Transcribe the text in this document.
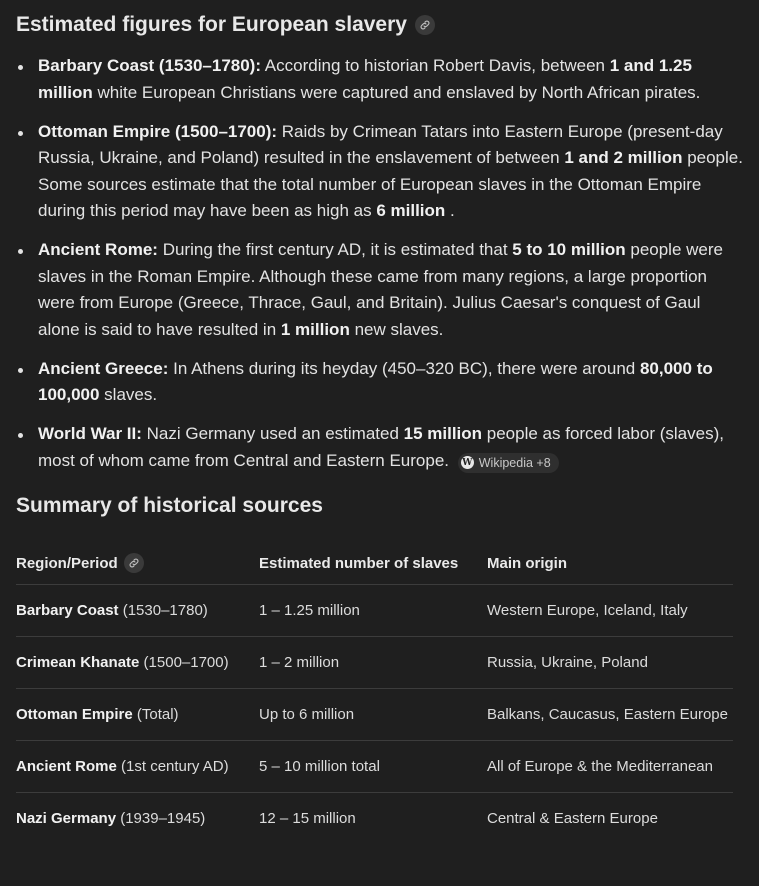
Estimated figures for European slavery
Barbary Coast (1530–1780): According to historian Robert Davis, between 1 and 1.25 million white European Christians were captured and enslaved by North African pirates.
Ottoman Empire (1500–1700): Raids by Crimean Tatars into Eastern Europe (present-day Russia, Ukraine, and Poland) resulted in the enslavement of between 1 and 2 million people. Some sources estimate that the total number of European slaves in the Ottoman Empire during this period may have been as high as 6 million .
Ancient Rome: During the first century AD, it is estimated that 5 to 10 million people were slaves in the Roman Empire. Although these came from many regions, a large proportion were from Europe (Greece, Thrace, Gaul, and Britain). Julius Caesar's conquest of Gaul alone is said to have resulted in 1 million new slaves.
Ancient Greece: In Athens during its heyday (450–320 BC), there were around 80,000 to 100,000 slaves.
World War II: Nazi Germany used an estimated 15 million people as forced labor (slaves), most of whom came from Central and Eastern Europe. W Wikipedia +8
Summary of historical sources
Region/Period	Estimated number of slaves	Main origin
Barbary Coast (1530–1780)	1 – 1.25 million	Western Europe, Iceland, Italy
Crimean Khanate (1500–1700)	1 – 2 million	Russia, Ukraine, Poland
Ottoman Empire (Total)	Up to 6 million	Balkans, Caucasus, Eastern Europe
Ancient Rome (1st century AD)	5 – 10 million total	All of Europe & the Mediterranean
Nazi Germany (1939–1945)	12 – 15 million	Central & Eastern Europe
